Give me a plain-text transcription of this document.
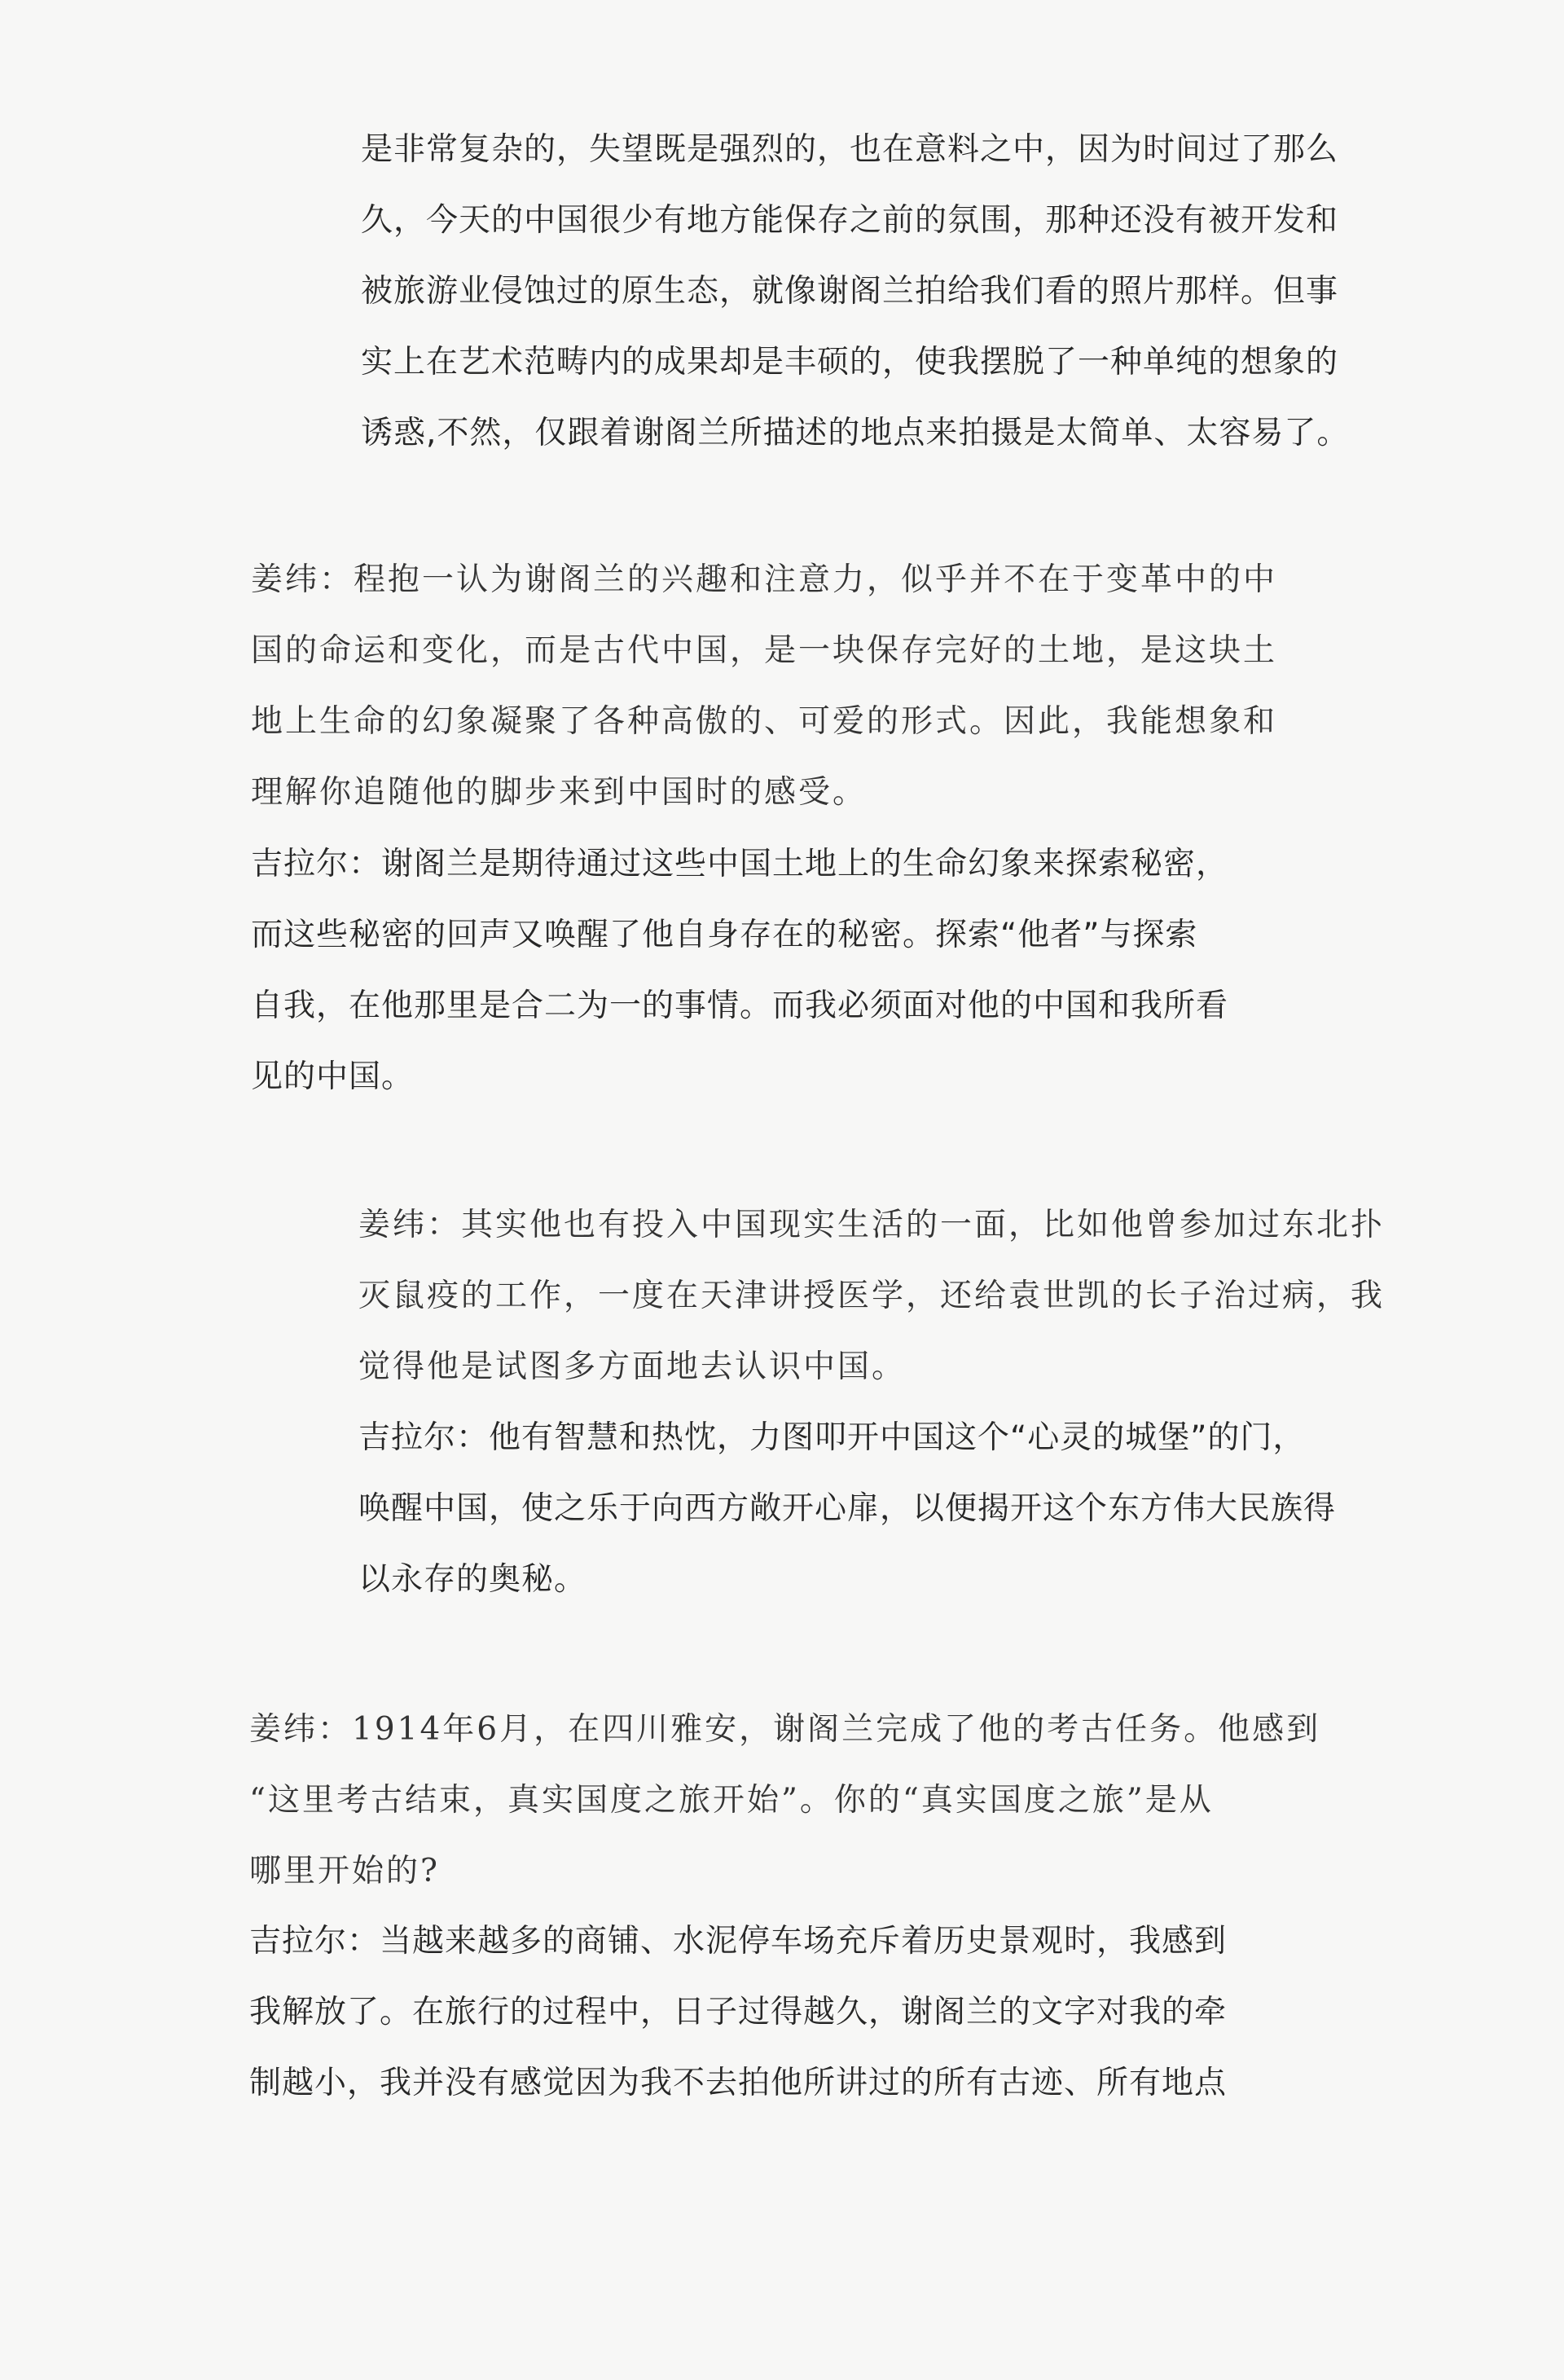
是非常复杂的，失望既是强烈的，也在意料之中，因为时间过了那么
久，今天的中国很少有地方能保存之前的氛围，那种还没有被开发和
被旅游业侵蚀过的原生态，就像谢阁兰拍给我们看的照片那样。但事
实上在艺术范畴内的成果却是丰硕的，使我摆脱了一种单纯的想象的
诱惑,不然，仅跟着谢阁兰所描述的地点来拍摄是太简单、太容易了。
姜纬：程抱一认为谢阁兰的兴趣和注意力，似乎并不在于变革中的中
国的命运和变化，而是古代中国，是一块保存完好的土地，是这块土
地上生命的幻象凝聚了各种高傲的、可爱的形式。因此，我能想象和
理解你追随他的脚步来到中国时的感受。
吉拉尔：谢阁兰是期待通过这些中国土地上的生命幻象来探索秘密，
而这些秘密的回声又唤醒了他自身存在的秘密。探索“他者”与探索
自我，在他那里是合二为一的事情。而我必须面对他的中国和我所看
见的中国。
姜纬：其实他也有投入中国现实生活的一面，比如他曾参加过东北扑
灭鼠疫的工作，一度在天津讲授医学，还给袁世凯的长子治过病，我
觉得他是试图多方面地去认识中国。
吉拉尔：他有智慧和热忱，力图叩开中国这个“心灵的城堡”的门，
唤醒中国，使之乐于向西方敞开心扉，以便揭开这个东方伟大民族得
以永存的奥秘。
姜纬：1914年6月，在四川雅安，谢阁兰完成了他的考古任务。他感到
“这里考古结束，真实国度之旅开始”。你的“真实国度之旅”是从
哪里开始的?
吉拉尔：当越来越多的商铺、水泥停车场充斥着历史景观时，我感到
我解放了。在旅行的过程中，日子过得越久，谢阁兰的文字对我的牵
制越小，我并没有感觉因为我不去拍他所讲过的所有古迹、所有地点
